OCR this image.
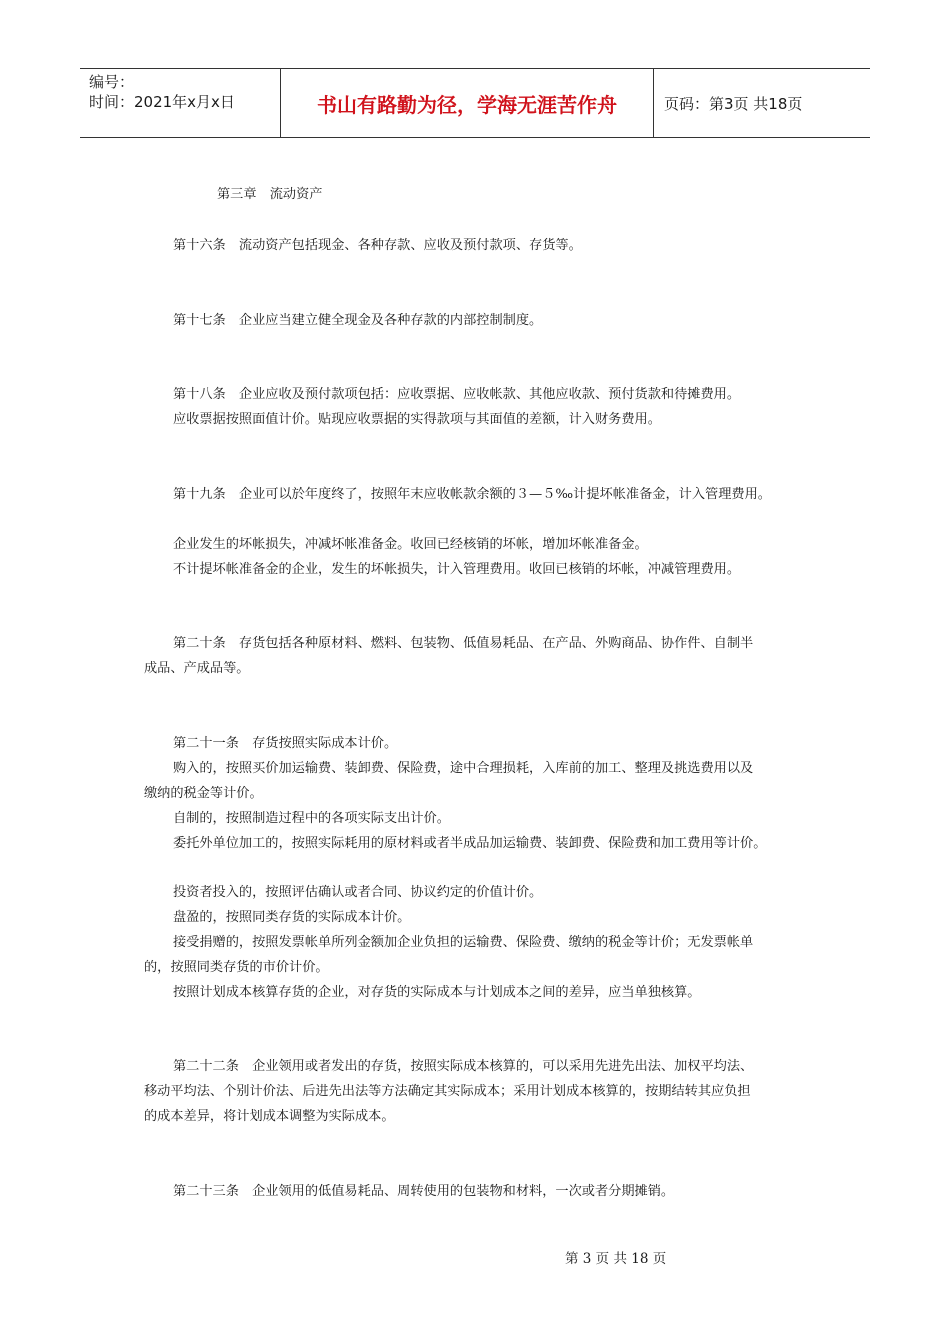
编号：
时间：2021年x月x日	书山有路勤为径，学海无涯苦作舟	页码：第3页 共18页
第三章　流动资产
第十六条　流动资产包括现金、各种存款、应收及预付款项、存货等。
第十七条　企业应当建立健全现金及各种存款的内部控制制度。
第十八条　企业应收及预付款项包括：应收票据、应收帐款、其他应收款、预付货款和待摊费用。
应收票据按照面值计价。贴现应收票据的实得款项与其面值的差额，计入财务费用。
第十九条　企业可以於年度终了，按照年末应收帐款余额的３—５‰计提坏帐准备金，计入管理费用。
企业发生的坏帐损失，冲减坏帐准备金。收回已经核销的坏帐，增加坏帐准备金。
不计提坏帐准备金的企业，发生的坏帐损失，计入管理费用。收回已核销的坏帐，冲减管理费用。
第二十条　存货包括各种原材料、燃料、包装物、低值易耗品、在产品、外购商品、协作件、自制半
成品、产成品等。
第二十一条　存货按照实际成本计价。
购入的，按照买价加运输费、装卸费、保险费，途中合理损耗，入库前的加工、整理及挑选费用以及
缴纳的税金等计价。
自制的，按照制造过程中的各项实际支出计价。
委托外单位加工的，按照实际耗用的原材料或者半成品加运输费、装卸费、保险费和加工费用等计价。
投资者投入的，按照评估确认或者合同、协议约定的价值计价。
盘盈的，按照同类存货的实际成本计价。
接受捐赠的，按照发票帐单所列金额加企业负担的运输费、保险费、缴纳的税金等计价；无发票帐单
的，按照同类存货的市价计价。
按照计划成本核算存货的企业，对存货的实际成本与计划成本之间的差异，应当单独核算。
第二十二条　企业领用或者发出的存货，按照实际成本核算的，可以采用先进先出法、加权平均法、
移动平均法、个别计价法、后进先出法等方法确定其实际成本；采用计划成本核算的，按期结转其应负担
的成本差异，将计划成本调整为实际成本。
第二十三条　企业领用的低值易耗品、周转使用的包装物和材料，一次或者分期摊销。
第 3 页 共 18 页
